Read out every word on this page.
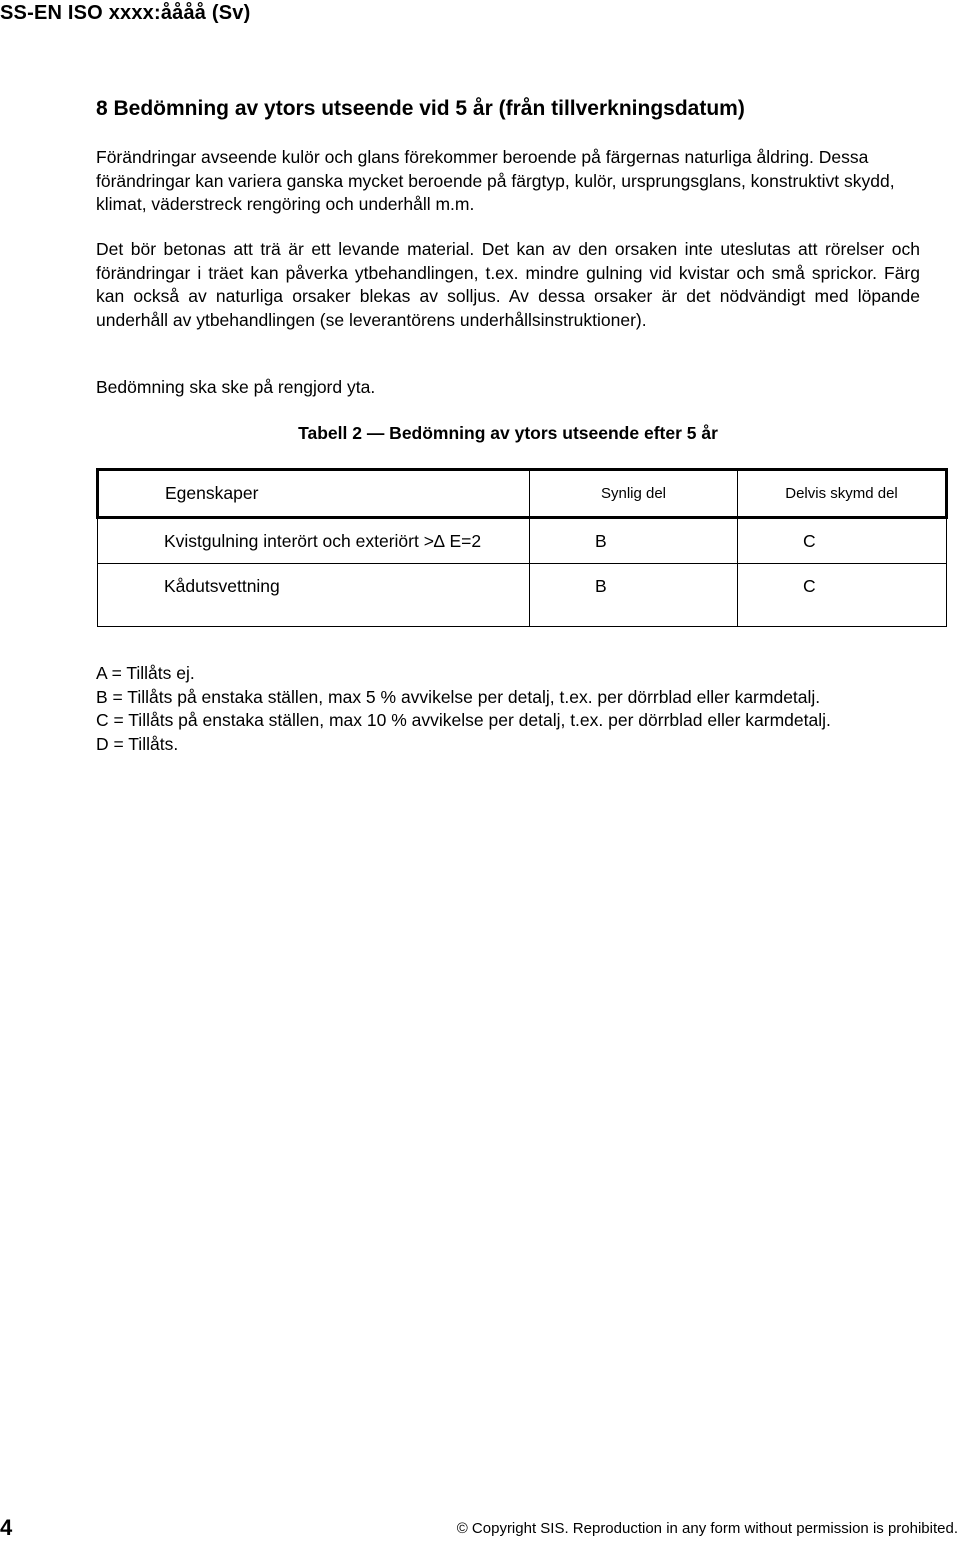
SS-EN ISO xxxx:åååå (Sv)
8 Bedömning av ytors utseende vid 5 år (från tillverkningsdatum)

Förändringar avseende kulör och glans förekommer beroende på färgernas naturliga åldring. Dessa förändringar kan variera ganska mycket beroende på färgtyp, kulör, ursprungsglans, konstruktivt skydd, klimat, väderstreck rengöring och underhåll m.m.

Det bör betonas att trä är ett levande material. Det kan av den orsaken inte uteslutas att rörelser och förändringar i träet kan påverka ytbehandlingen, t.ex. mindre gulning vid kvistar och små sprickor. Färg kan också av naturliga orsaker blekas av solljus. Av dessa orsaker är det nödvändigt med löpande underhåll av ytbehandlingen (se leverantörens underhållsinstruktioner).

Bedömning ska ske på rengjord yta.

Tabell 2 — Bedömning av ytors utseende efter 5 år
Egenskaper	Synlig del	Delvis skymd del
Kvistgulning interört och exteriört >∆ E=2	B	C
Kådutsvettning	B	C
A = Tillåts ej.
B = Tillåts på enstaka ställen, max 5 % avvikelse per detalj, t.ex. per dörrblad eller karmdetalj.
C = Tillåts på enstaka ställen, max 10 % avvikelse per detalj, t.ex. per dörrblad eller karmdetalj.
D = Tillåts.
4	© Copyright SIS. Reproduction in any form without permission is prohibited.
